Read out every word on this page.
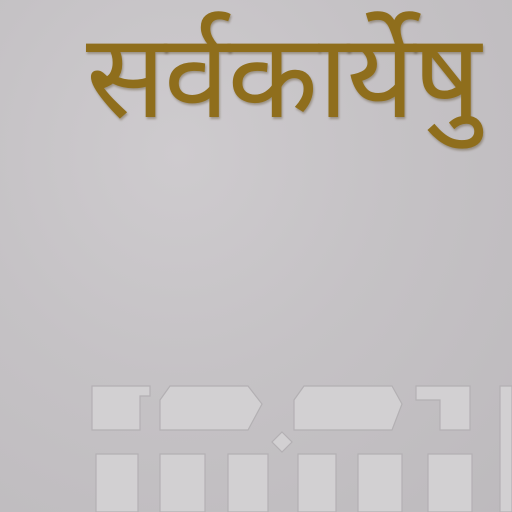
सर्वकार्येषु
